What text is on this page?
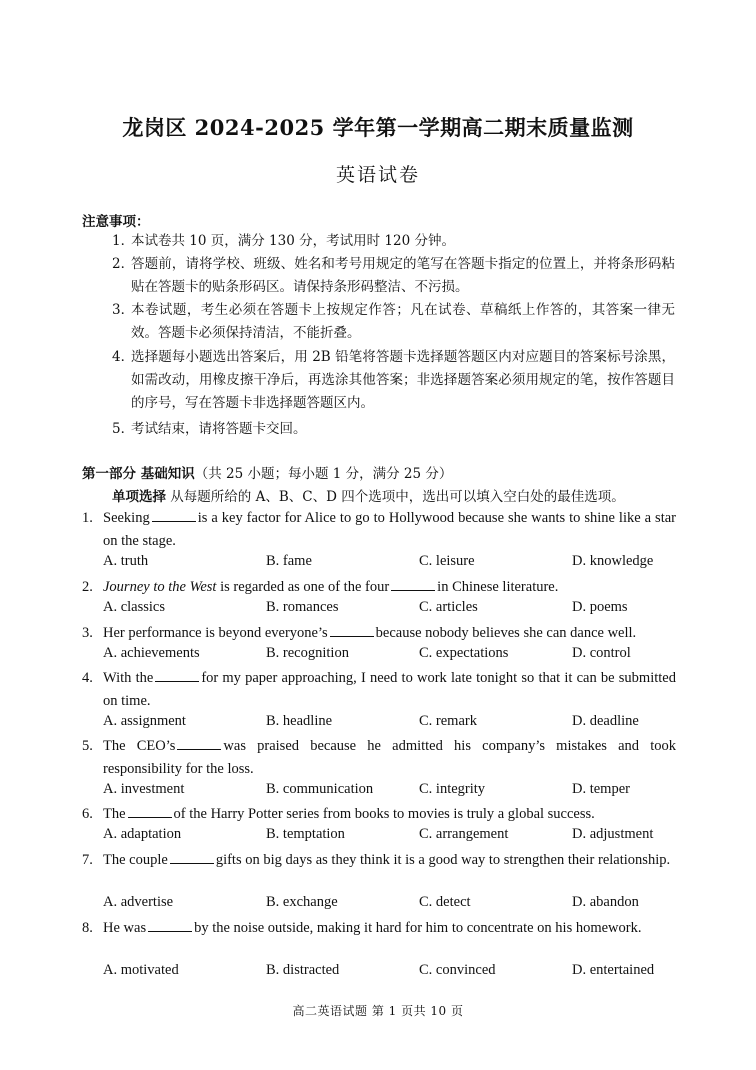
龙岗区 2024-2025 学年第一学期高二期末质量监测
英语试卷
注意事项：
1．
本试卷共 10 页，满分 130 分，考试用时 120 分钟。
2．
答题前，请将学校、班级、姓名和考号用规定的笔写在答题卡指定的位置上，并将条形码粘贴在答题卡的贴条形码区。请保持条形码整洁、不污损。
3．
本卷试题，考生必须在答题卡上按规定作答；凡在试卷、草稿纸上作答的，其答案一律无效。答题卡必须保持清洁，不能折叠。
4．
选择题每小题选出答案后，用 2B 铅笔将答题卡选择题答题区内对应题目的答案标号涂黑，如需改动，用橡皮擦干净后，再选涂其他答案；非选择题答案必须用规定的笔，按作答题目的序号，写在答题卡非选择题答题区内。
5．
考试结束，请将答题卡交回。
第一部分 基础知识（共 25 小题；每小题 1 分，满分 25 分）
单项选择 从每题所给的 A、B、C、D 四个选项中，选出可以填入空白处的最佳选项。
1. Seeking	is a key factor for Alice to go to Hollywood because she wants to shine like a star on the stage.
A. truth	B. fame	C. leisure	D. knowledge
2. Journey to the West is regarded as one of the four	in Chinese literature.
A. classics	B. romances	C. articles	D. poems
3. Her performance is beyond everyone’s	because nobody believes she can dance well.
A. achievements	B. recognition	C. expectations	D. control
4. With the	for my paper approaching, I need to work late tonight so that it can be submitted on time.
A. assignment	B. headline	C. remark	D. deadline
5. The CEO’s	was praised because he admitted his company’s mistakes and took responsibility for the loss.
A. investment	B. communication	C. integrity	D. temper
6. The	of the Harry Potter series from books to movies is truly a global success.
A. adaptation	B. temptation	C. arrangement	D. adjustment
7. The couple	gifts on big days as they think it is a good way to strengthen their relationship.
A. advertise	B. exchange	C. detect	D. abandon
8. He was	by the noise outside, making it hard for him to concentrate on his homework.
A. motivated	B. distracted	C. convinced	D. entertained
高二英语试题 第 1 页共 10 页
